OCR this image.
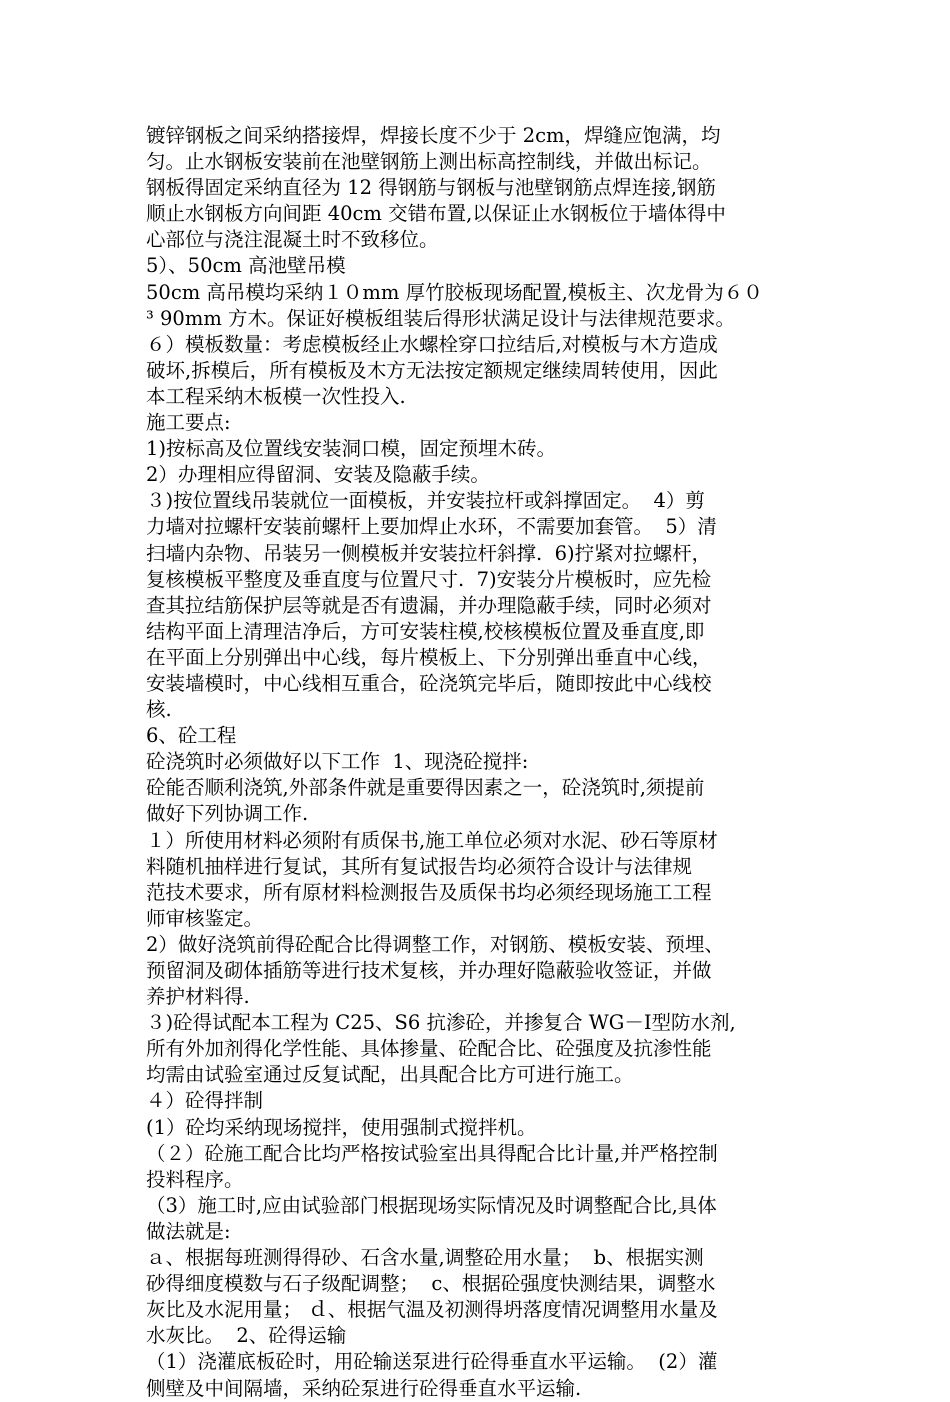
镀锌钢板之间采纳搭接焊，焊接长度不少于 2cm，焊缝应饱满，均
匀。止水钢板安装前在池壁钢筋上测出标高控制线，并做出标记。
钢板得固定采纳直径为 12 得钢筋与钢板与池壁钢筋点焊连接,钢筋
顺止水钢板方向间距 40cm 交错布置,以保证止水钢板位于墙体得中
心部位与浇注混凝土时不致移位。
5）、50cm 高池壁吊模
50cm 高吊模均采纳１０mm 厚竹胶板现场配置,模板主、次龙骨为６０
³ 90mm 方木。保证好模板组装后得形状满足设计与法律规范要求。
６）模板数量：考虑模板经止水螺栓穿口拉结后,对模板与木方造成
破坏,拆模后，所有模板及木方无法按定额规定继续周转使用，因此
本工程采纳木板模一次性投入.
施工要点:
1)按标高及位置线安装洞口模，固定预埋木砖。
2）办理相应得留洞、安装及隐蔽手续。
３)按位置线吊装就位一面模板，并安装拉杆或斜撑固定。  4）剪
力墙对拉螺杆安装前螺杆上要加焊止水环，不需要加套管。  5）清
扫墙内杂物、吊装另一侧模板并安装拉杆斜撑.  6)拧紧对拉螺杆，
复核模板平整度及垂直度与位置尺寸.  7)安装分片模板时，应先检
查其拉结筋保护层等就是否有遗漏，并办理隐蔽手续，同时必须对
结构平面上清理洁净后，方可安装柱模,校核模板位置及垂直度,即
在平面上分别弹出中心线，每片模板上、下分别弹出垂直中心线，
安装墙模时，中心线相互重合，砼浇筑完毕后，随即按此中心线校
核.
6、砼工程
砼浇筑时必须做好以下工作  1、现浇砼搅拌:
砼能否顺利浇筑,外部条件就是重要得因素之一，砼浇筑时,须提前
做好下列协调工作.
１）所使用材料必须附有质保书,施工单位必须对水泥、砂石等原材
料随机抽样进行复试，其所有复试报告均必须符合设计与法律规
范技术要求，所有原材料检测报告及质保书均必须经现场施工工程
师审核鉴定。
2）做好浇筑前得砼配合比得调整工作，对钢筋、模板安装、预埋、
预留洞及砌体插筋等进行技术复核，并办理好隐蔽验收签证，并做
养护材料得.
３)砼得试配本工程为 C25、S6 抗渗砼，并掺复合 WG－Ⅰ型防水剂,
所有外加剂得化学性能、具体掺量、砼配合比、砼强度及抗渗性能
均需由试验室通过反复试配，出具配合比方可进行施工。
４）砼得拌制
(1）砼均采纳现场搅拌，使用强制式搅拌机。
（２）砼施工配合比均严格按试验室出具得配合比计量,并严格控制
投料程序。
（3）施工时,应由试验部门根据现场实际情况及时调整配合比,具体
做法就是:
ａ、根据每班测得得砂、石含水量,调整砼用水量；  b、根据实测
砂得细度模数与石子级配调整；  c、根据砼强度快测结果，调整水
灰比及水泥用量； ｄ、根据气温及初测得坍落度情况调整用水量及
水灰比。  2、砼得运输
（1）浇灌底板砼时，用砼输送泵进行砼得垂直水平运输。  (2）灌
侧壁及中间隔墙，采纳砼泵进行砼得垂直水平运输.
